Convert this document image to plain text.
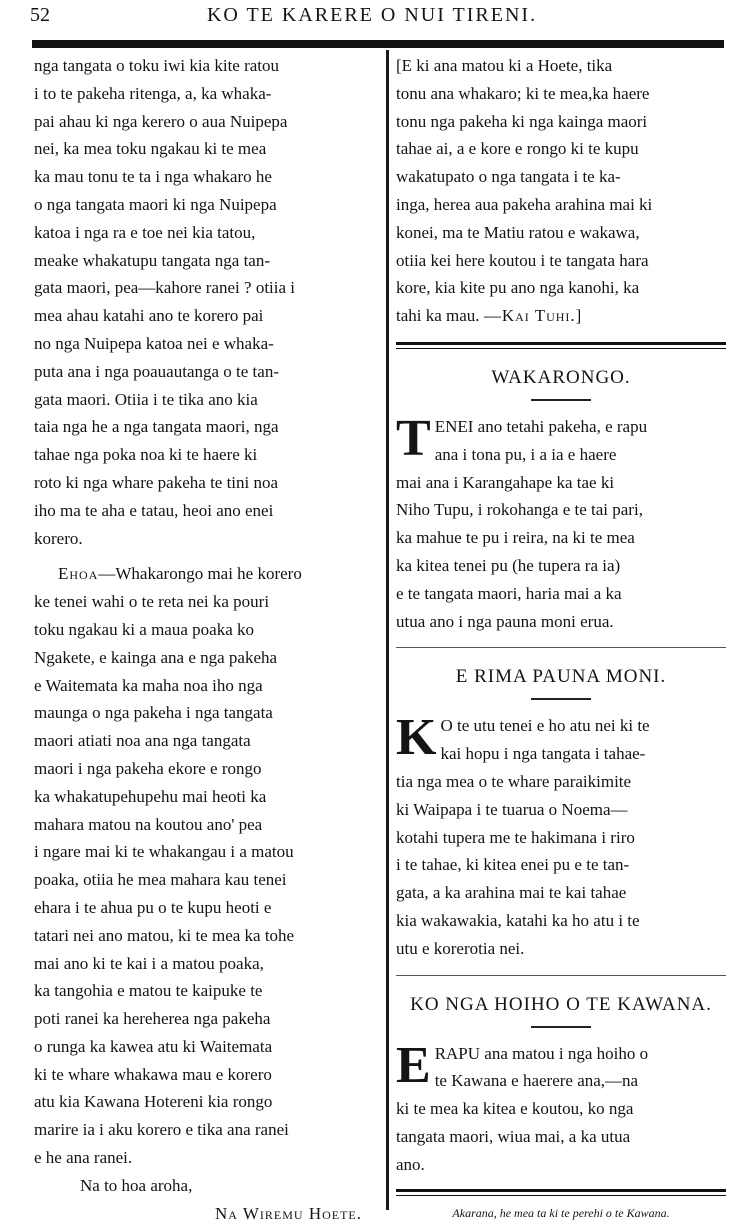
52	KO TE KARERE O NUI TIRENI.

nga tangata o toku iwi kia kite ratou
i to te pakeha ritenga, a, ka whaka-
pai ahau ki nga kerero o aua Nuipepa
nei, ka mea toku ngakau ki te mea
ka mau tonu te ta i nga whakaro he
o nga tangata maori ki nga Nuipepa
katoa i nga ra e toe nei kia tatou,
meake whakatupu tangata nga tan-
gata maori, pea—kahore ranei ? otiia i
mea ahau katahi ano te korero pai
no nga Nuipepa katoa nei e whaka-
puta ana i nga poauautanga o te tan-
gata maori. Otiia i te tika ano kia
taia nga he a nga tangata maori, nga
tahae nga poka noa ki te haere ki
roto ki nga whare pakeha te tini noa
iho ma te aha e tatau, heoi ano enei
korero.

Ehoa—Whakarongo mai he korero
ke tenei wahi o te reta nei ka pouri
toku ngakau ki a maua poaka ko
Ngakete, e kainga ana e nga pakeha
e Waitemata ka maha noa iho nga
maunga o nga pakeha i nga tangata
maori atiati noa ana nga tangata
maori i nga pakeha ekore e rongo
ka whakatupehupehu mai heoti ka
mahara matou na koutou ano' pea
i ngare mai ki te whakangau i a matou
poaka, otiia he mea mahara kau tenei
ehara i te ahua pu o te kupu heoti e
tatari nei ano matou, ki te mea ka tohe
mai ano ki te kai i a matou poaka,
ka tangohia e matou te kaipuke te
poti ranei ka hereherea nga pakeha
o runga ka kawea atu ki Waitemata
ki te whare whakawa mau e korero
atu kia Kawana Hotereni kia rongo
marire ia i aku korero e tika ana ranei
e he ana ranei.

Na to hoa aroha,

Na Wiremu Hoete.

[E ki ana matou ki a Hoete, tika
tonu ana whakaro; ki te mea,ka haere
tonu nga pakeha ki nga kainga maori
tahae ai, a e kore e rongo ki te kupu
wakatupato o nga tangata i te ka-
inga, herea aua pakeha arahina mai ki
konei, ma te Matiu ratou e wakawa,
otiia kei here koutou i te tangata hara
kore, kia kite pu ano nga kanohi, ka
tahi ka mau. —Kai Tuhi.]

WAKARONGO.
T ENEI ano tetahi pakeha, e rapu
ana i tona pu, i a ia e haere
mai ana i Karangahape ka tae ki
Niho Tupu, i rokohanga e te tai pari,
ka mahue te pu i reira, na ki te mea
ka kitea tenei pu (he tupera ra ia)
e te tangata maori, haria mai a ka
utua ano i nga pauna moni erua.

E RIMA PAUNA MONI.
K O te utu tenei e ho atu nei ki te
kai hopu i nga tangata i tahae-
tia nga mea o te whare paraikimite
ki Waipapa i te tuarua o Noema—
kotahi tupera me te hakimana i riro
i te tahae, ki kitea enei pu e te tan-
gata, a ka arahina mai te kai tahae
kia wakawakia, katahi ka ho atu i te
utu e korerotia nei.

KO NGA HOIHO O TE KAWANA.
E RAPU ana matou i nga hoiho o
te Kawana e haerere ana,—na
ki te mea ka kitea e koutou, ko nga
tangata maori, wiua mai, a ka utua
ano.

Akarana, he mea ta ki te perehi o te Kawana.
